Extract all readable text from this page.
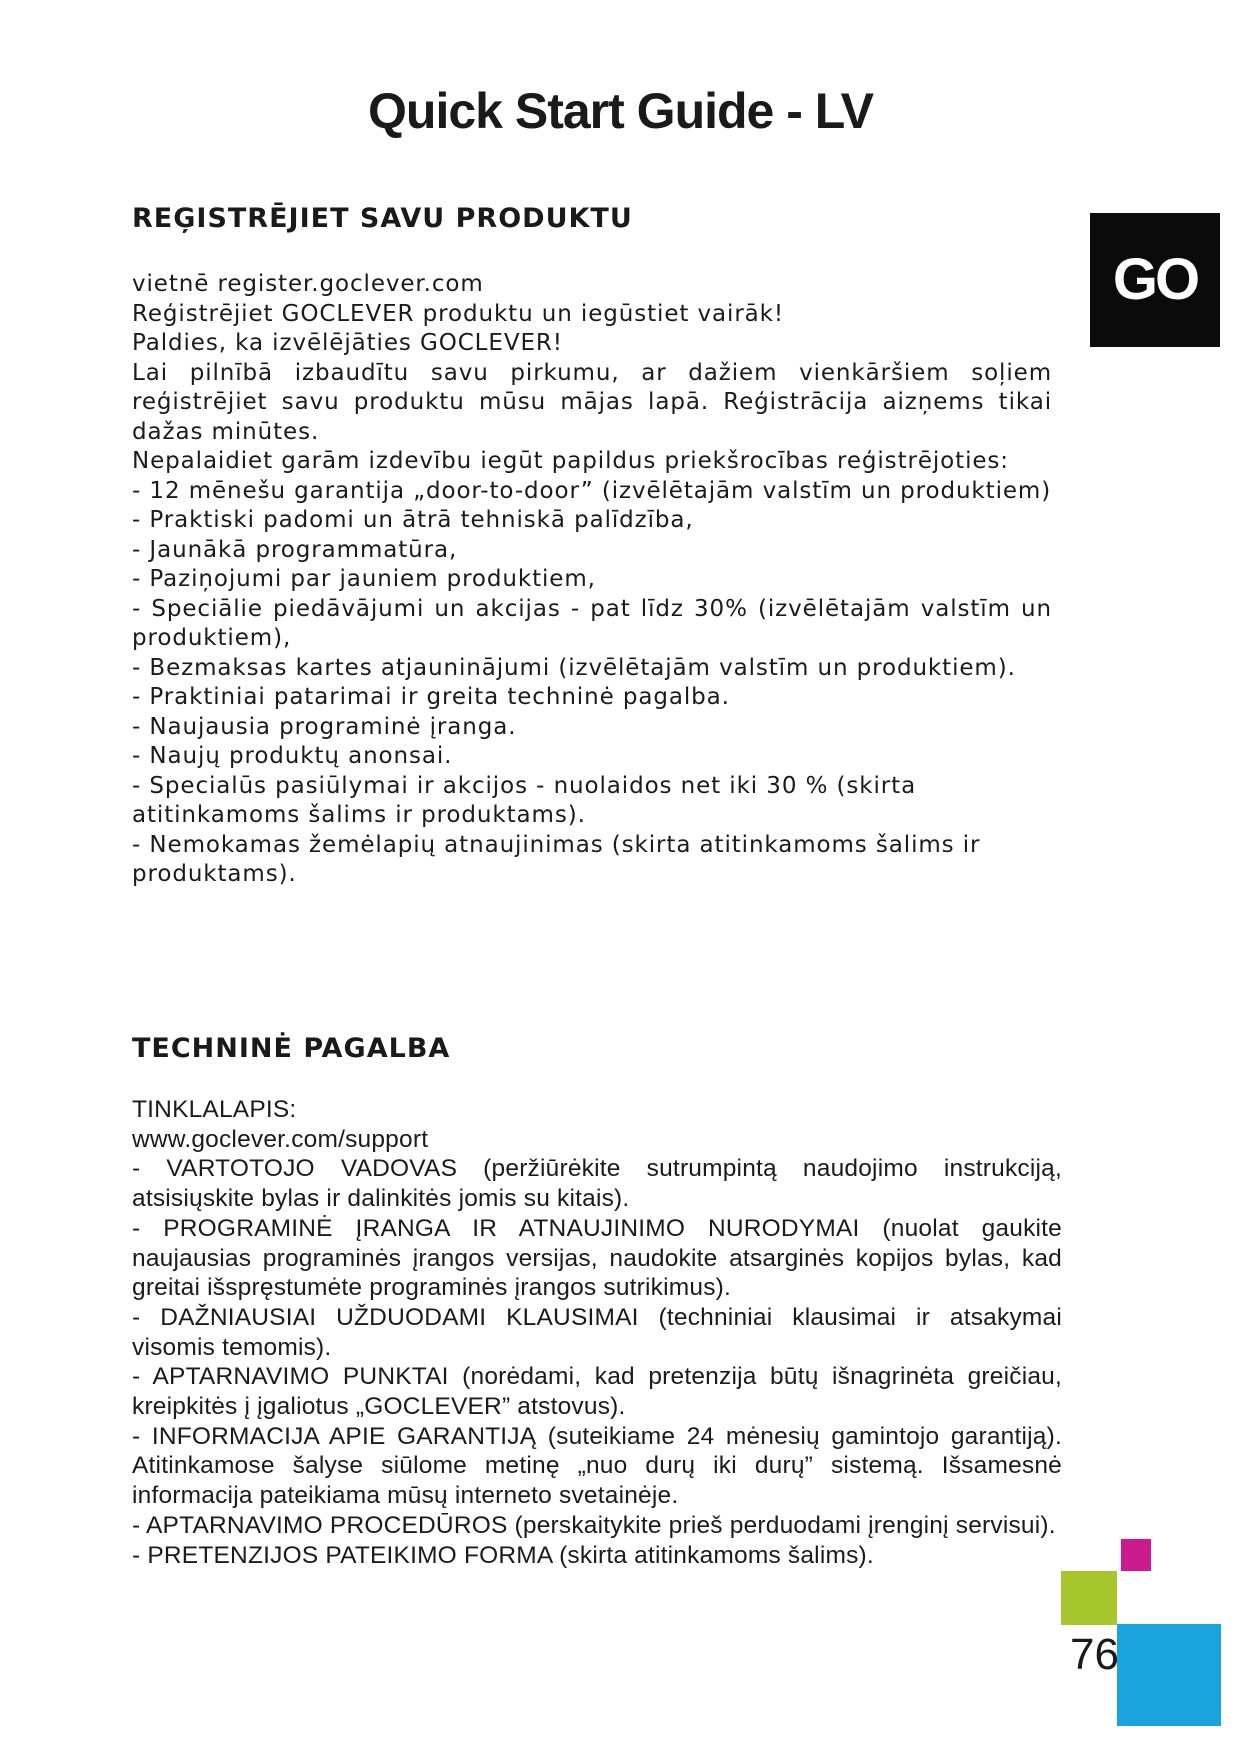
Quick Start Guide - LV
GO
REĢISTRĒJIET SAVU PRODUKTU
vietnē register.goclever.com
Reģistrējiet GOCLEVER produktu un iegūstiet vairāk!
Paldies, ka izvēlējāties GOCLEVER!
Lai pilnībā izbaudītu savu pirkumu, ar dažiem vienkāršiem soļiem reģistrējiet savu produktu mūsu mājas lapā. Reģistrācija aizņems tikai dažas minūtes.
Nepalaidiet garām izdevību iegūt papildus priekšrocības reģistrējoties:
- 12 mēnešu garantija „door-to-door” (izvēlētajām valstīm un produktiem)
- Praktiski padomi un ātrā tehniskā palīdzība,
- Jaunākā programmatūra,
- Paziņojumi par jauniem produktiem,
- Speciālie piedāvājumi un akcijas - pat līdz 30% (izvēlētajām valstīm un produktiem),
- Bezmaksas kartes atjauninājumi (izvēlētajām valstīm un produktiem).
- Praktiniai patarimai ir greita techninė pagalba.
- Naujausia programinė įranga.
- Naujų produktų anonsai.
- Specialūs pasiūlymai ir akcijos - nuolaidos net iki 30 % (skirta atitinkamoms šalims ir produktams).
- Nemokamas žemėlapių atnaujinimas (skirta atitinkamoms šalims ir produktams).
TECHNINĖ PAGALBA
TINKLALAPIS:
www.goclever.com/support
- VARTOTOJO VADOVAS (peržiūrėkite sutrumpintą naudojimo instrukciją, atsisiųskite bylas ir dalinkitės jomis su kitais).
- PROGRAMINĖ ĮRANGA IR ATNAUJINIMO NURODYMAI (nuolat gaukite naujausias programinės įrangos versijas, naudokite atsarginės kopijos bylas, kad greitai išspręstumėte programinės įrangos sutrikimus).
- DAŽNIAUSIAI UŽDUODAMI KLAUSIMAI (techniniai klausimai ir atsakymai visomis temomis).
- APTARNAVIMO PUNKTAI (norėdami, kad pretenzija būtų išnagrinėta greičiau, kreipkitės į įgaliotus „GOCLEVER” atstovus).
- INFORMACIJA APIE GARANTIJĄ (suteikiame 24 mėnesių gamintojo garantiją). Atitinkamose šalyse siūlome metinę „nuo durų iki durų” sistemą. Išsamesnė informacija pateikiama mūsų interneto svetainėje.
- APTARNAVIMO PROCEDŪROS (perskaitykite prieš perduodami įrenginį servisui).
- PRETENZIJOS PATEIKIMO FORMA (skirta atitinkamoms šalims).
76
